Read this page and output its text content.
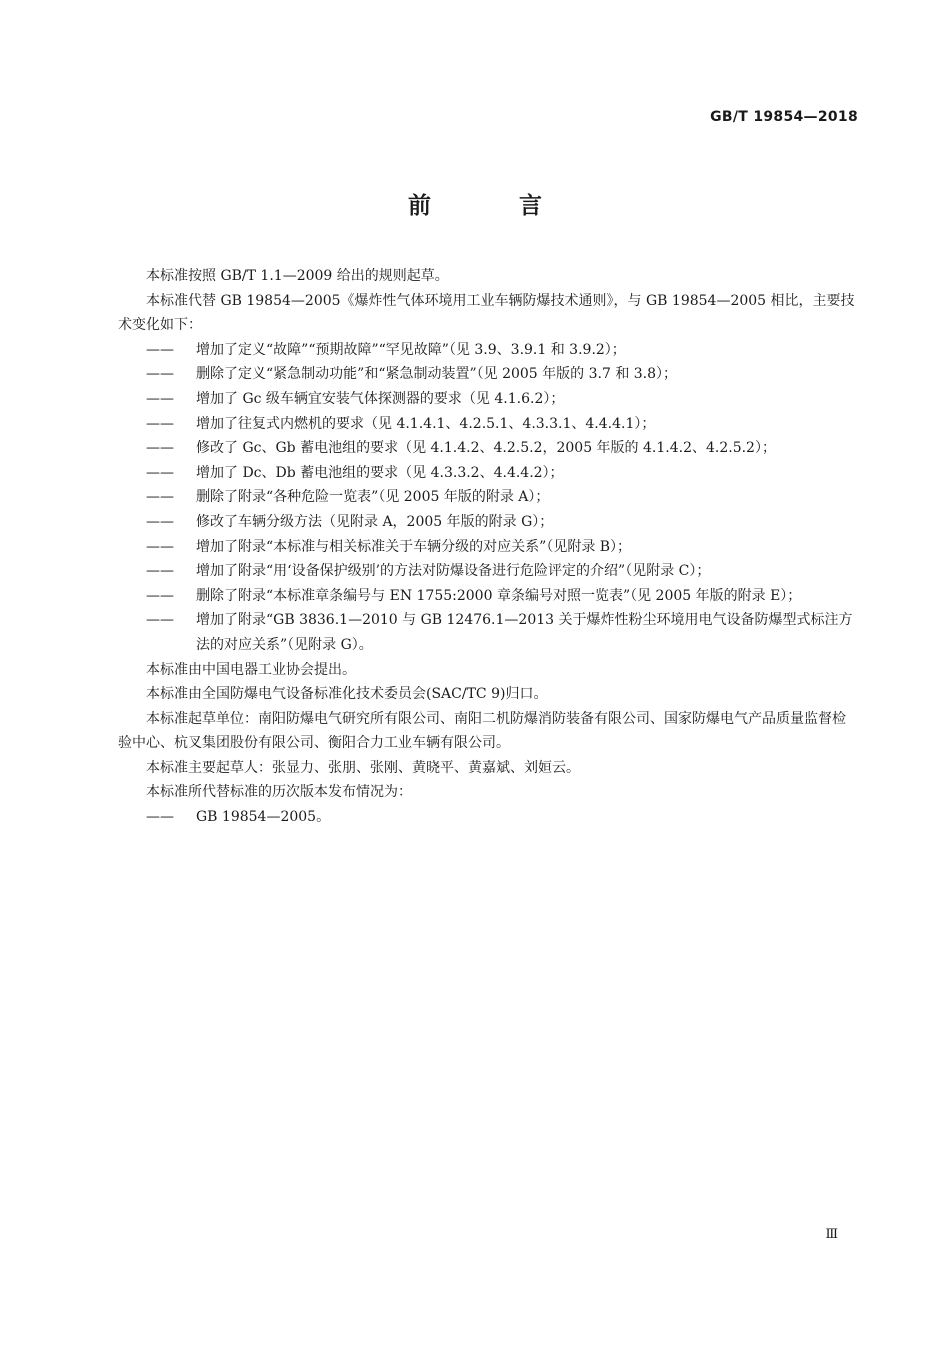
GB/T 19854—2018
前 言

本标准按照 GB/T 1.1—2009 给出的规则起草。

本标准代替 GB 19854—2005《爆炸性气体环境用工业车辆防爆技术通则》，与 GB 19854—2005 相比，主要技术变化如下：

——	增加了定义“故障”“预期故障”“罕见故障”（见 3.9、3.9.1 和 3.9.2）；
——	删除了定义“紧急制动功能”和“紧急制动装置”（见 2005 年版的 3.7 和 3.8）；
——	增加了 Gc 级车辆宜安装气体探测器的要求（见 4.1.6.2）；
——	增加了往复式内燃机的要求（见 4.1.4.1、4.2.5.1、4.3.3.1、4.4.4.1）；
——	修改了 Gc、Gb 蓄电池组的要求（见 4.1.4.2、4.2.5.2，2005 年版的 4.1.4.2、4.2.5.2）；
——	增加了 Dc、Db 蓄电池组的要求（见 4.3.3.2、4.4.4.2）；
——	删除了附录“各种危险一览表”（见 2005 年版的附录 A）；
——	修改了车辆分级方法（见附录 A，2005 年版的附录 G）；
——	增加了附录“本标准与相关标准关于车辆分级的对应关系”（见附录 B）；
——	增加了附录“用‘设备保护级别’的方法对防爆设备进行危险评定的介绍”（见附录 C）；
——	删除了附录“本标准章条编号与 EN 1755:2000 章条编号对照一览表”（见 2005 年版的附录 E）；
——	增加了附录“GB 3836.1—2010 与 GB 12476.1—2013 关于爆炸性粉尘环境用电气设备防爆型式标注方法的对应关系”（见附录 G）。

本标准由中国电器工业协会提出。

本标准由全国防爆电气设备标准化技术委员会(SAC/TC 9)归口。

本标准起草单位：南阳防爆电气研究所有限公司、南阳二机防爆消防装备有限公司、国家防爆电气产品质量监督检验中心、杭叉集团股份有限公司、衡阳合力工业车辆有限公司。

本标准主要起草人：张显力、张朋、张刚、黄晓平、黄嘉斌、刘姮云。

本标准所代替标准的历次版本发布情况为：

——	GB 19854—2005。
Ⅲ
